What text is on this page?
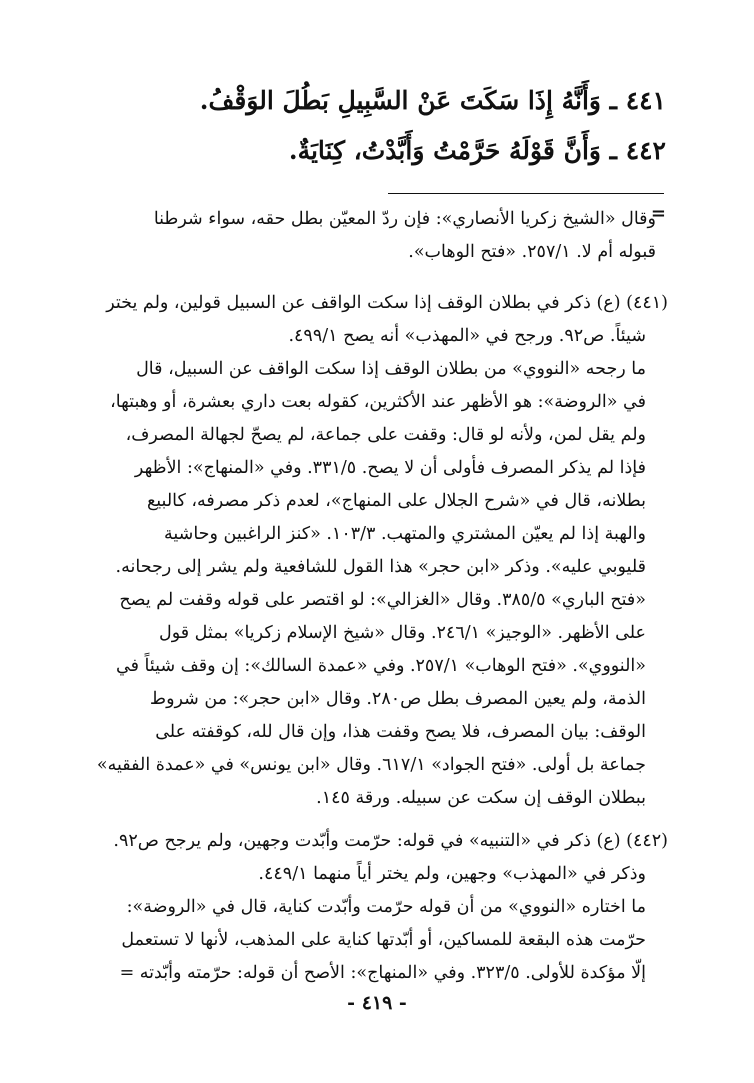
٤٤١ ـ وَأَنَّهُ إِذَا سَكَتَ عَنْ السَّبِيلِ بَطُلَ الوَقْفُ.
٤٤٢ ـ وَأَنَّ قَوْلَهُ حَرَّمْتُ وَأَبَّدْتُ، كِنَايَةٌ.
=
وقال «الشيخ زكريا الأنصاري»: فإن ردّ المعيّن بطل حقه، سواء شرطنا
قبوله أم لا. ٢٥٧/١. «فتح الوهاب».
(٤٤١) (ع) ذكر في بطلان الوقف إذا سكت الواقف عن السبيل قولين، ولم يختر
شيئاً. ص٩٢. ورجح في «المهذب» أنه يصح ٤٩٩/١.
ما رجحه «النووي» من بطلان الوقف إذا سكت الواقف عن السبيل، قال
في «الروضة»: هو الأظهر عند الأكثرين، كقوله بعت داري بعشرة، أو وهبتها،
ولم يقل لمن، ولأنه لو قال: وقفت على جماعة، لم يصحّ لجهالة المصرف،
فإذا لم يذكر المصرف فأولى أن لا يصح. ٣٣١/٥. وفي «المنهاج»: الأظهر
بطلانه، قال في «شرح الجلال على المنهاج»، لعدم ذكر مصرفه، كالبيع
والهبة إذا لم يعيّن المشتري والمتهب. ١٠٣/٣. «كنز الراغبين وحاشية
قليوبي عليه». وذكر «ابن حجر» هذا القول للشافعية ولم يشر إلى رجحانه.
«فتح الباري» ٣٨٥/٥. وقال «الغزالي»: لو اقتصر على قوله وقفت لم يصح
على الأظهر. «الوجيز» ٢٤٦/١. وقال «شيخ الإسلام زكريا» بمثل قول
«النووي». «فتح الوهاب» ٢٥٧/١. وفي «عمدة السالك»: إن وقف شيئاً في
الذمة، ولم يعين المصرف بطل ص٢٨٠. وقال «ابن حجر»: من شروط
الوقف: بيان المصرف، فلا يصح وقفت هذا، وإن قال لله، كوقفته على
جماعة بل أولى. «فتح الجواد» ٦١٧/١. وقال «ابن يونس» في «عمدة الفقيه»
ببطلان الوقف إن سكت عن سبيله. ورقة ١٤٥.
(٤٤٢) (ع) ذكر في «التنبيه» في قوله: حرّمت وأبّدت وجهين، ولم يرجح ص٩٢.
وذكر في «المهذب» وجهين، ولم يختر أياً منهما ٤٤٩/١.
ما اختاره «النووي» من أن قوله حرّمت وأبّدت كناية، قال في «الروضة»:
حرّمت هذه البقعة للمساكين، أو أبّدتها كناية على المذهب، لأنها لا تستعمل
إلّا مؤكدة للأولى. ٣٢٣/٥. وفي «المنهاج»: الأصح أن قوله: حرّمته وأبّدته =
- ٤١٩ -
